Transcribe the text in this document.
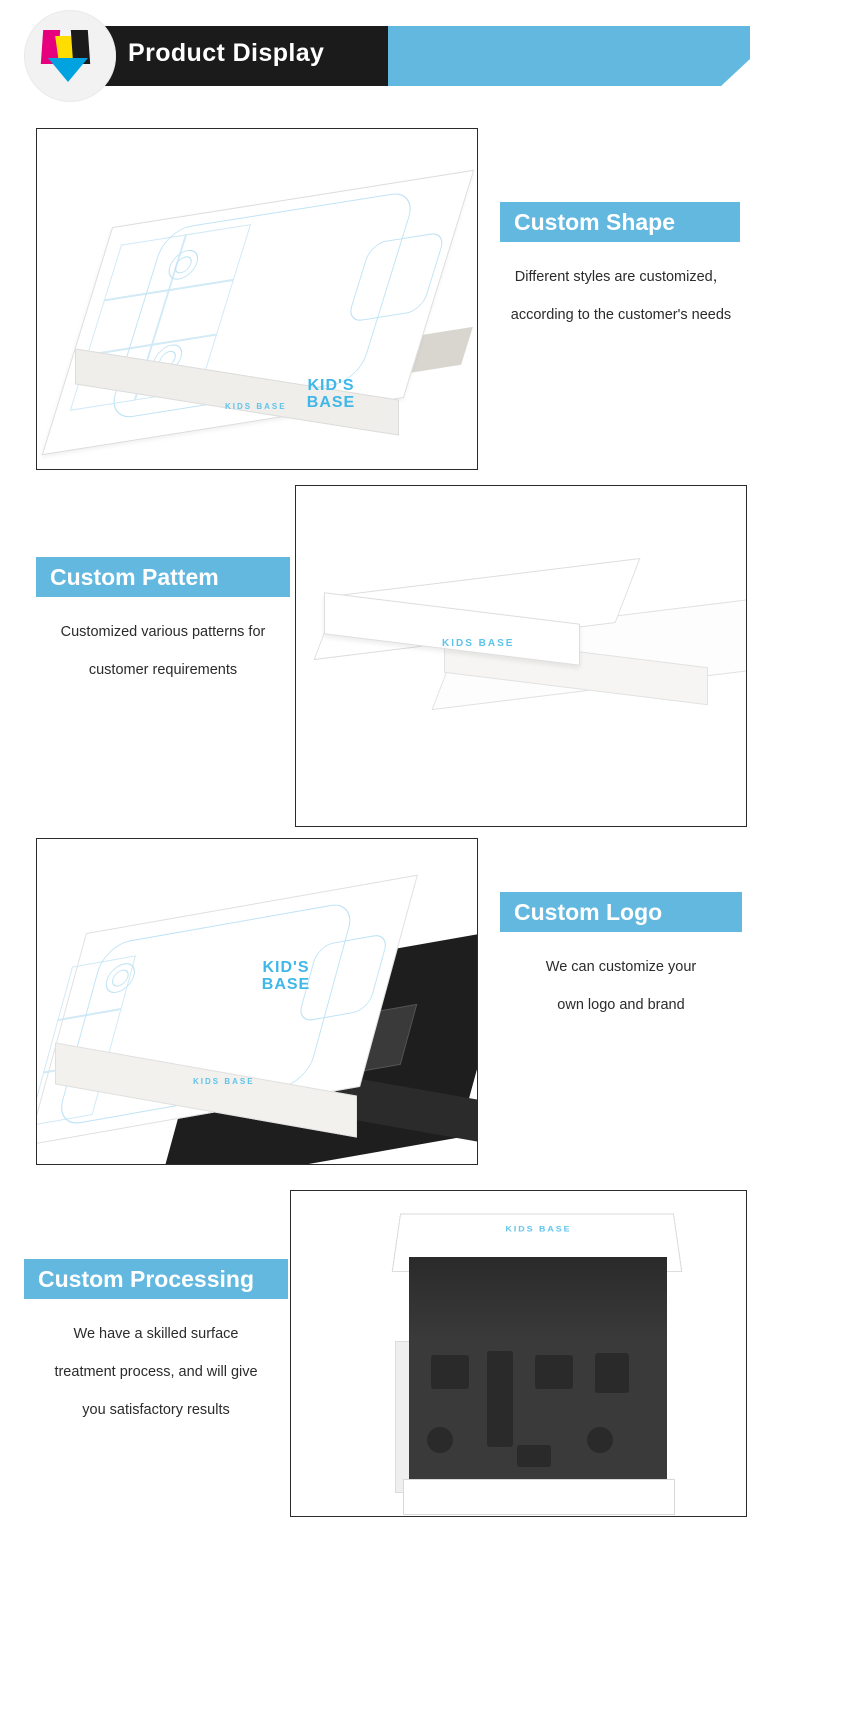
Product Display
KID'S
BASE
KIDS BASE
Custom Shape
Different styles are customized，
according to the customer's needs
KIDS BASE
Custom Pattem
Customized various patterns for
customer requirements
KID'S
BASE
KIDS BASE
Custom Logo
We can customize your
own logo and brand
KIDS BASE
Custom Processing
We have a skilled surface
treatment process, and will give
you satisfactory results
